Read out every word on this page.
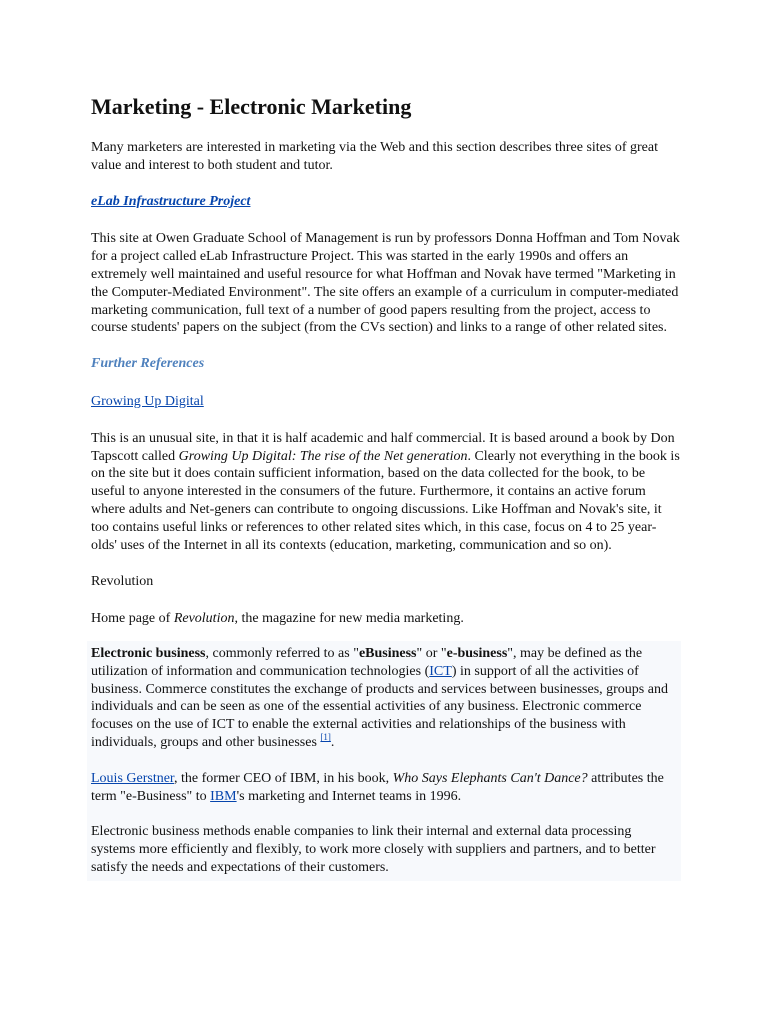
Marketing - Electronic Marketing

Many marketers are interested in marketing via the Web and this section describes three sites of great value and interest to both student and tutor.

eLab Infrastructure Project

This site at Owen Graduate School of Management is run by professors Donna Hoffman and Tom Novak for a project called eLab Infrastructure Project. This was started in the early 1990s and offers an extremely well maintained and useful resource for what Hoffman and Novak have termed "Marketing in the Computer-Mediated Environment". The site offers an example of a curriculum in computer-mediated marketing communication, full text of a number of good papers resulting from the project, access to course students' papers on the subject (from the CVs section) and links to a range of other related sites.

Further References

Growing Up Digital

This is an unusual site, in that it is half academic and half commercial. It is based around a book by Don Tapscott called Growing Up Digital: The rise of the Net generation. Clearly not everything in the book is on the site but it does contain sufficient information, based on the data collected for the book, to be useful to anyone interested in the consumers of the future. Furthermore, it contains an active forum where adults and Net-geners can contribute to ongoing discussions. Like Hoffman and Novak's site, it too contains useful links or references to other related sites which, in this case, focus on 4 to 25 year-olds' uses of the Internet in all its contexts (education, marketing, communication and so on).

Revolution

Home page of Revolution, the magazine for new media marketing.

Electronic business, commonly referred to as "eBusiness" or "e-business", may be defined as the utilization of information and communication technologies (ICT) in support of all the activities of business. Commerce constitutes the exchange of products and services between businesses, groups and individuals and can be seen as one of the essential activities of any business. Electronic commerce focuses on the use of ICT to enable the external activities and relationships of the business with individuals, groups and other businesses [1].

Louis Gerstner, the former CEO of IBM, in his book, Who Says Elephants Can't Dance? attributes the term "e-Business" to IBM's marketing and Internet teams in 1996.

Electronic business methods enable companies to link their internal and external data processing systems more efficiently and flexibly, to work more closely with suppliers and partners, and to better satisfy the needs and expectations of their customers.
